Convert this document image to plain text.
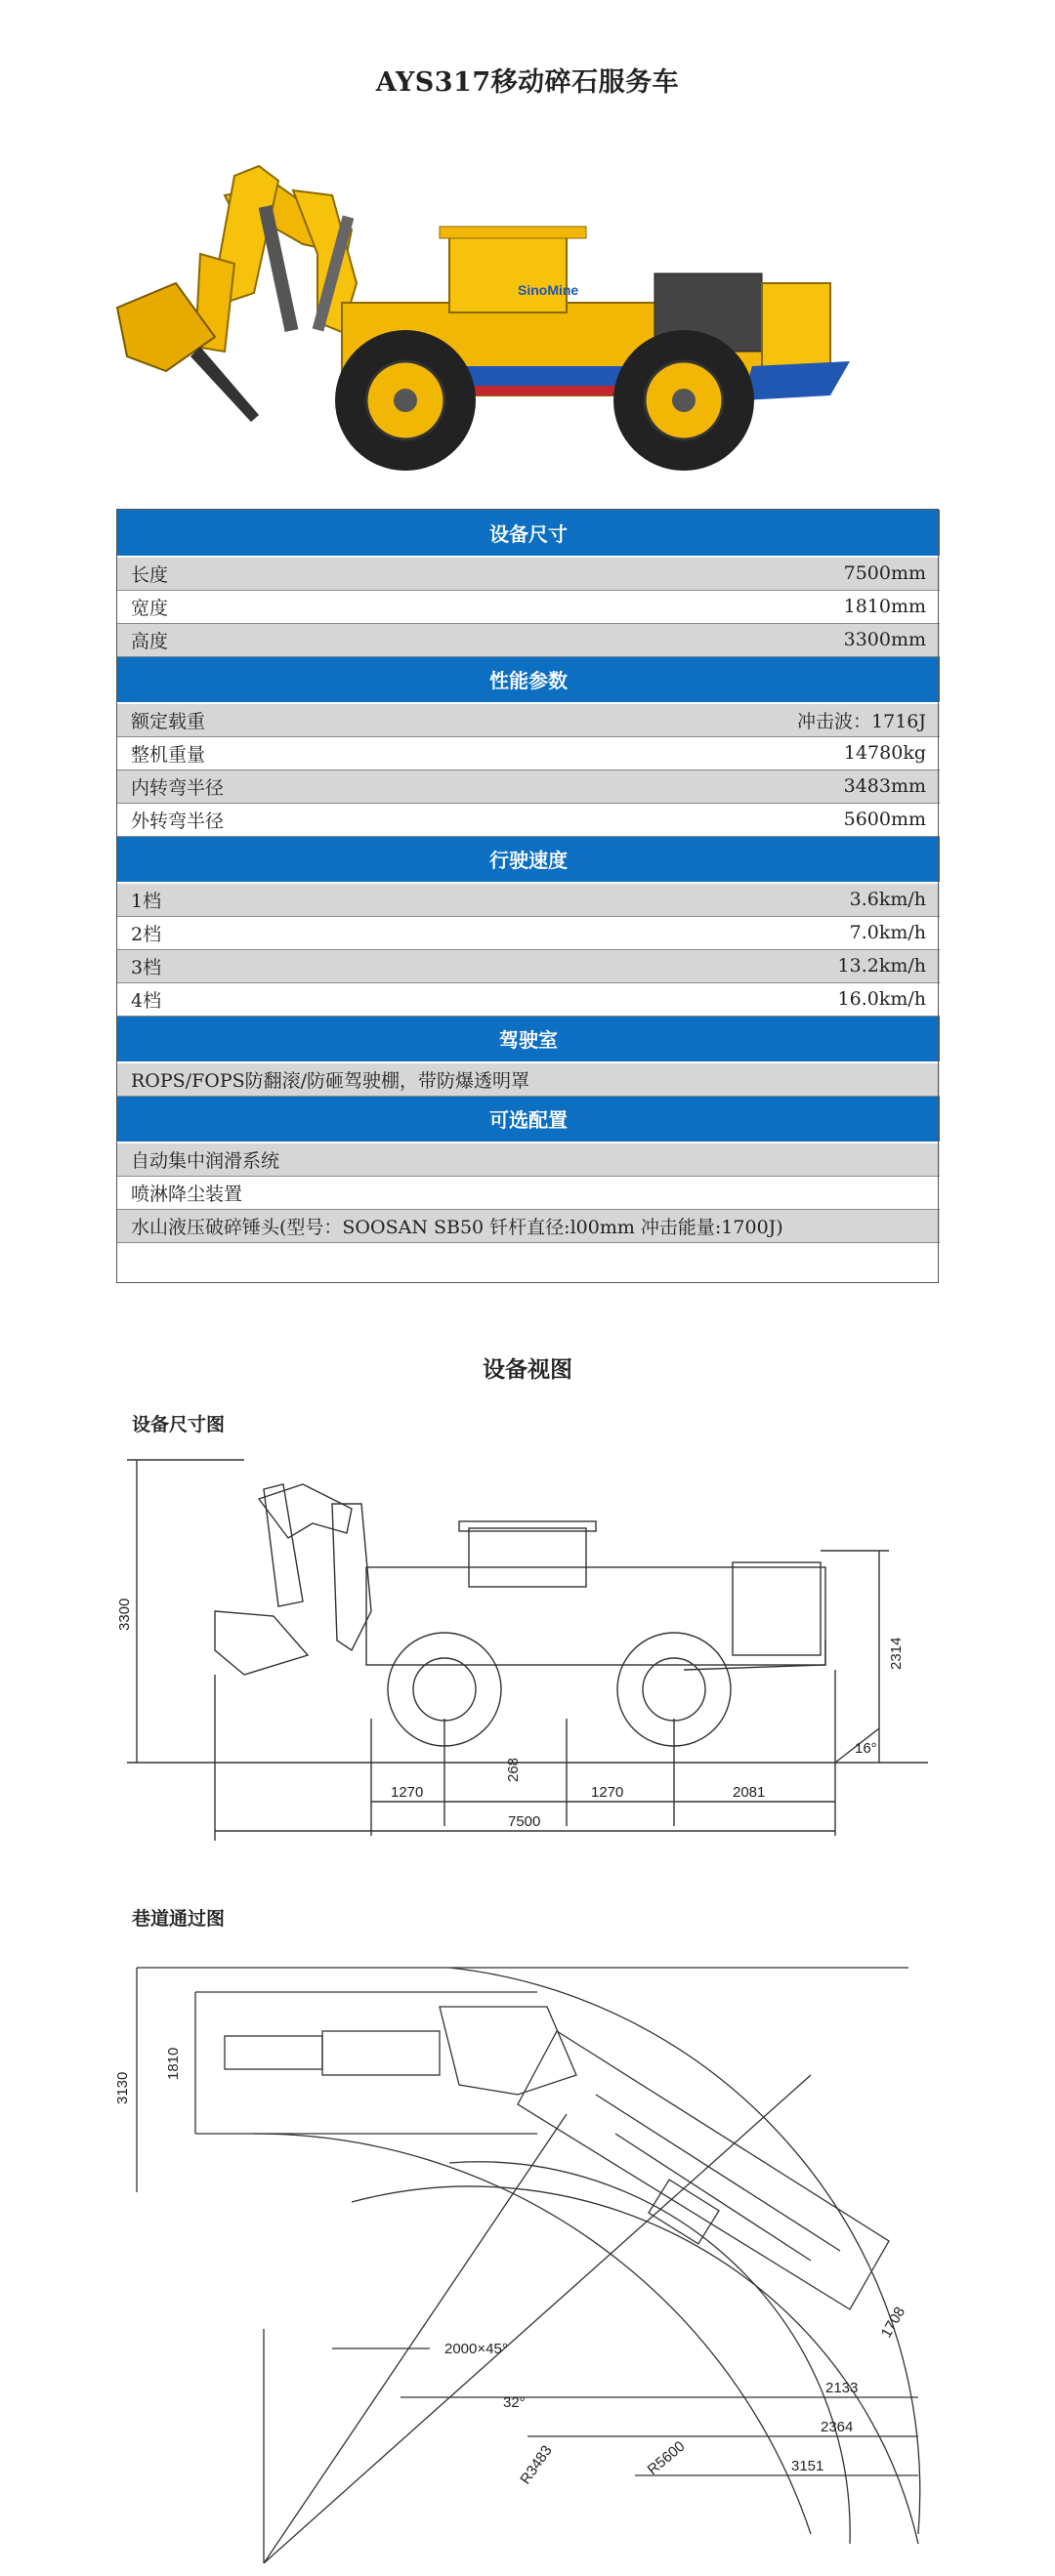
AYS317移动碎石服务车
SinoMine
设备尺寸	
长度	7500mm
宽度	1810mm
高度	3300mm
性能参数	
额定载重	冲击波：1716J
整机重量	14780kg
内转弯半径	3483mm
外转弯半径	5600mm
行驶速度	
1档	3.6km/h
2档	7.0km/h
3档	13.2km/h
4档	16.0km/h
驾驶室	
ROPS/FOPS防翻滚/防砸驾驶棚，带防爆透明罩	
可选配置	
自动集中润滑系统	
喷淋降尘装置	
水山液压破碎锤头(型号：SOOSAN SB50 钎杆直径:l00mm 冲击能量:1700J)	
设备视图
设备尺寸图
3300
2314
16°
268
1270	1270	2081
7500
巷道通过图
1810
3130
2000×45°
32°
R3483	R5600
1708
2133
2364
3151
